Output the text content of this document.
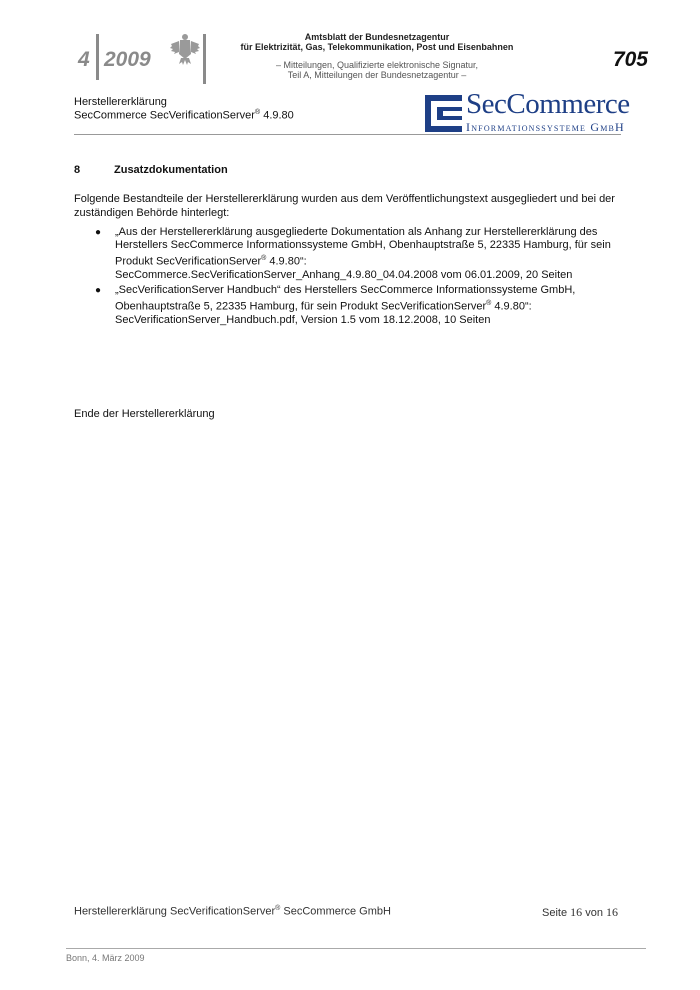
4 2009
Amtsblatt der Bundesnetzagentur
für Elektrizität, Gas, Telekommunikation, Post und Eisenbahnen
– Mitteilungen, Qualifizierte elektronische Signatur,
Teil A, Mitteilungen der Bundesnetzagentur –
705
Herstellererklärung
SecCommerce SecVerificationServer® 4.9.80	SecCommerce
Informationssysteme GmbH
8	Zusatzdokumentation
Folgende Bestandteile der Herstellererklärung wurden aus dem Veröffentlichungstext ausgegliedert und bei der zuständigen Behörde hinterlegt:
● „Aus der Herstellererklärung ausgegliederte Dokumentation als Anhang zur Herstellererklärung des Herstellers SecCommerce Informationssysteme GmbH, Obenhauptstraße 5, 22335 Hamburg, für sein Produkt SecVerificationServer® 4.9.80“:
SecCommerce.SecVerificationServer_Anhang_4.9.80_04.04.2008 vom 06.01.2009, 20 Seiten
● „SecVerificationServer Handbuch“ des Herstellers SecCommerce Informationssysteme GmbH, Obenhauptstraße 5, 22335 Hamburg, für sein Produkt SecVerificationServer® 4.9.80“:
SecVerificationServer_Handbuch.pdf, Version 1.5 vom 18.12.2008, 10 Seiten
Ende der Herstellererklärung
Herstellererklärung SecVerificationServer® SecCommerce GmbH	Seite 16 von 16
Bonn, 4. März 2009
